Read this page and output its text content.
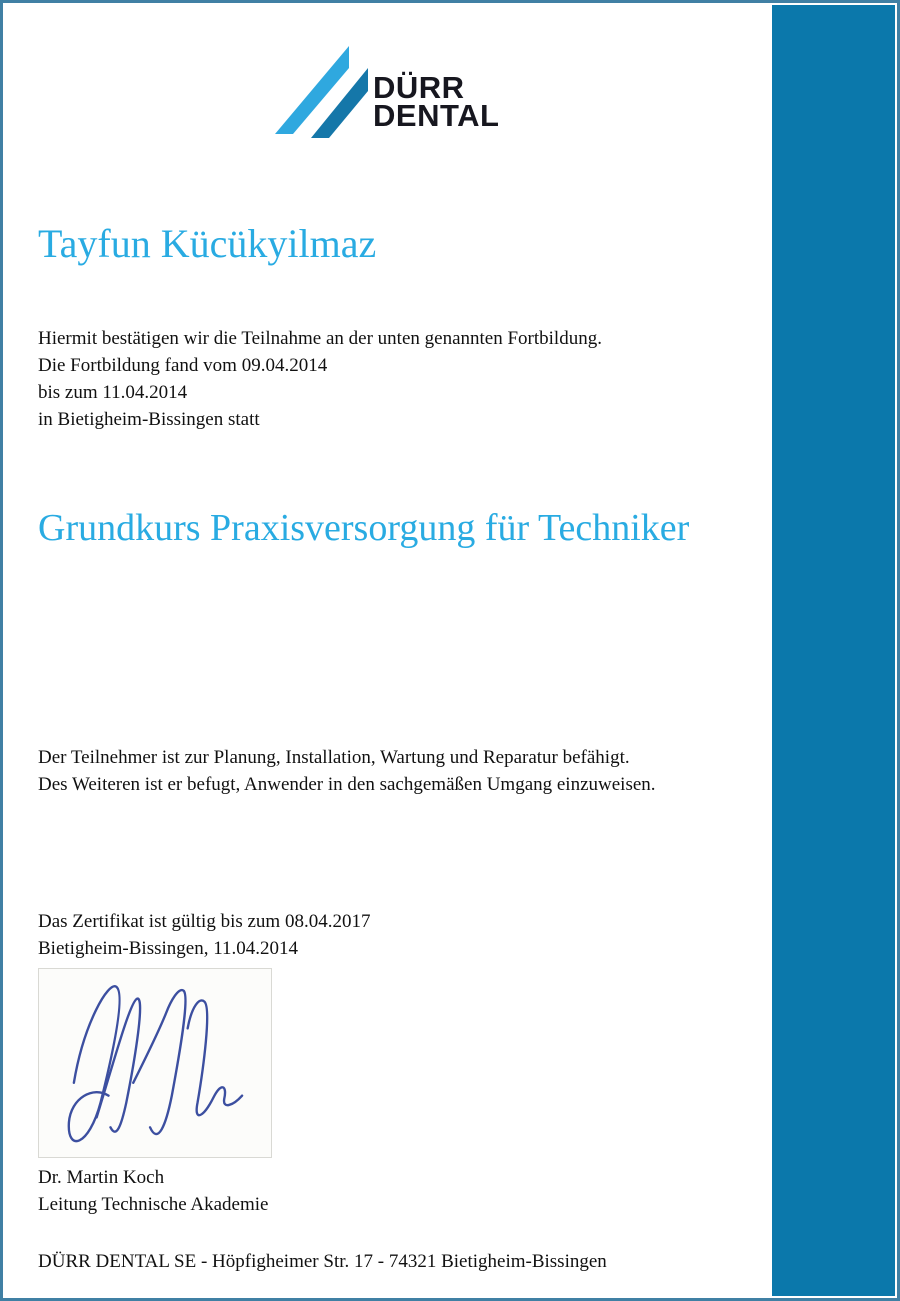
DÜRR
DENTAL
Tayfun Kücükyilmaz
Hiermit bestätigen wir die Teilnahme an der unten genannten Fortbildung.
Die Fortbildung fand vom 09.04.2014
bis zum 11.04.2014
in Bietigheim-Bissingen statt
Grundkurs Praxisversorgung für Techniker
Der Teilnehmer ist zur Planung, Installation, Wartung und Reparatur befähigt.
Des Weiteren ist er befugt, Anwender in den sachgemäßen Umgang einzuweisen.
Das Zertifikat ist gültig bis zum 08.04.2017
Bietigheim-Bissingen, 11.04.2014
Dr. Martin Koch
Leitung Technische Akademie
DÜRR DENTAL SE - Höpfigheimer Str. 17 - 74321 Bietigheim-Bissingen
